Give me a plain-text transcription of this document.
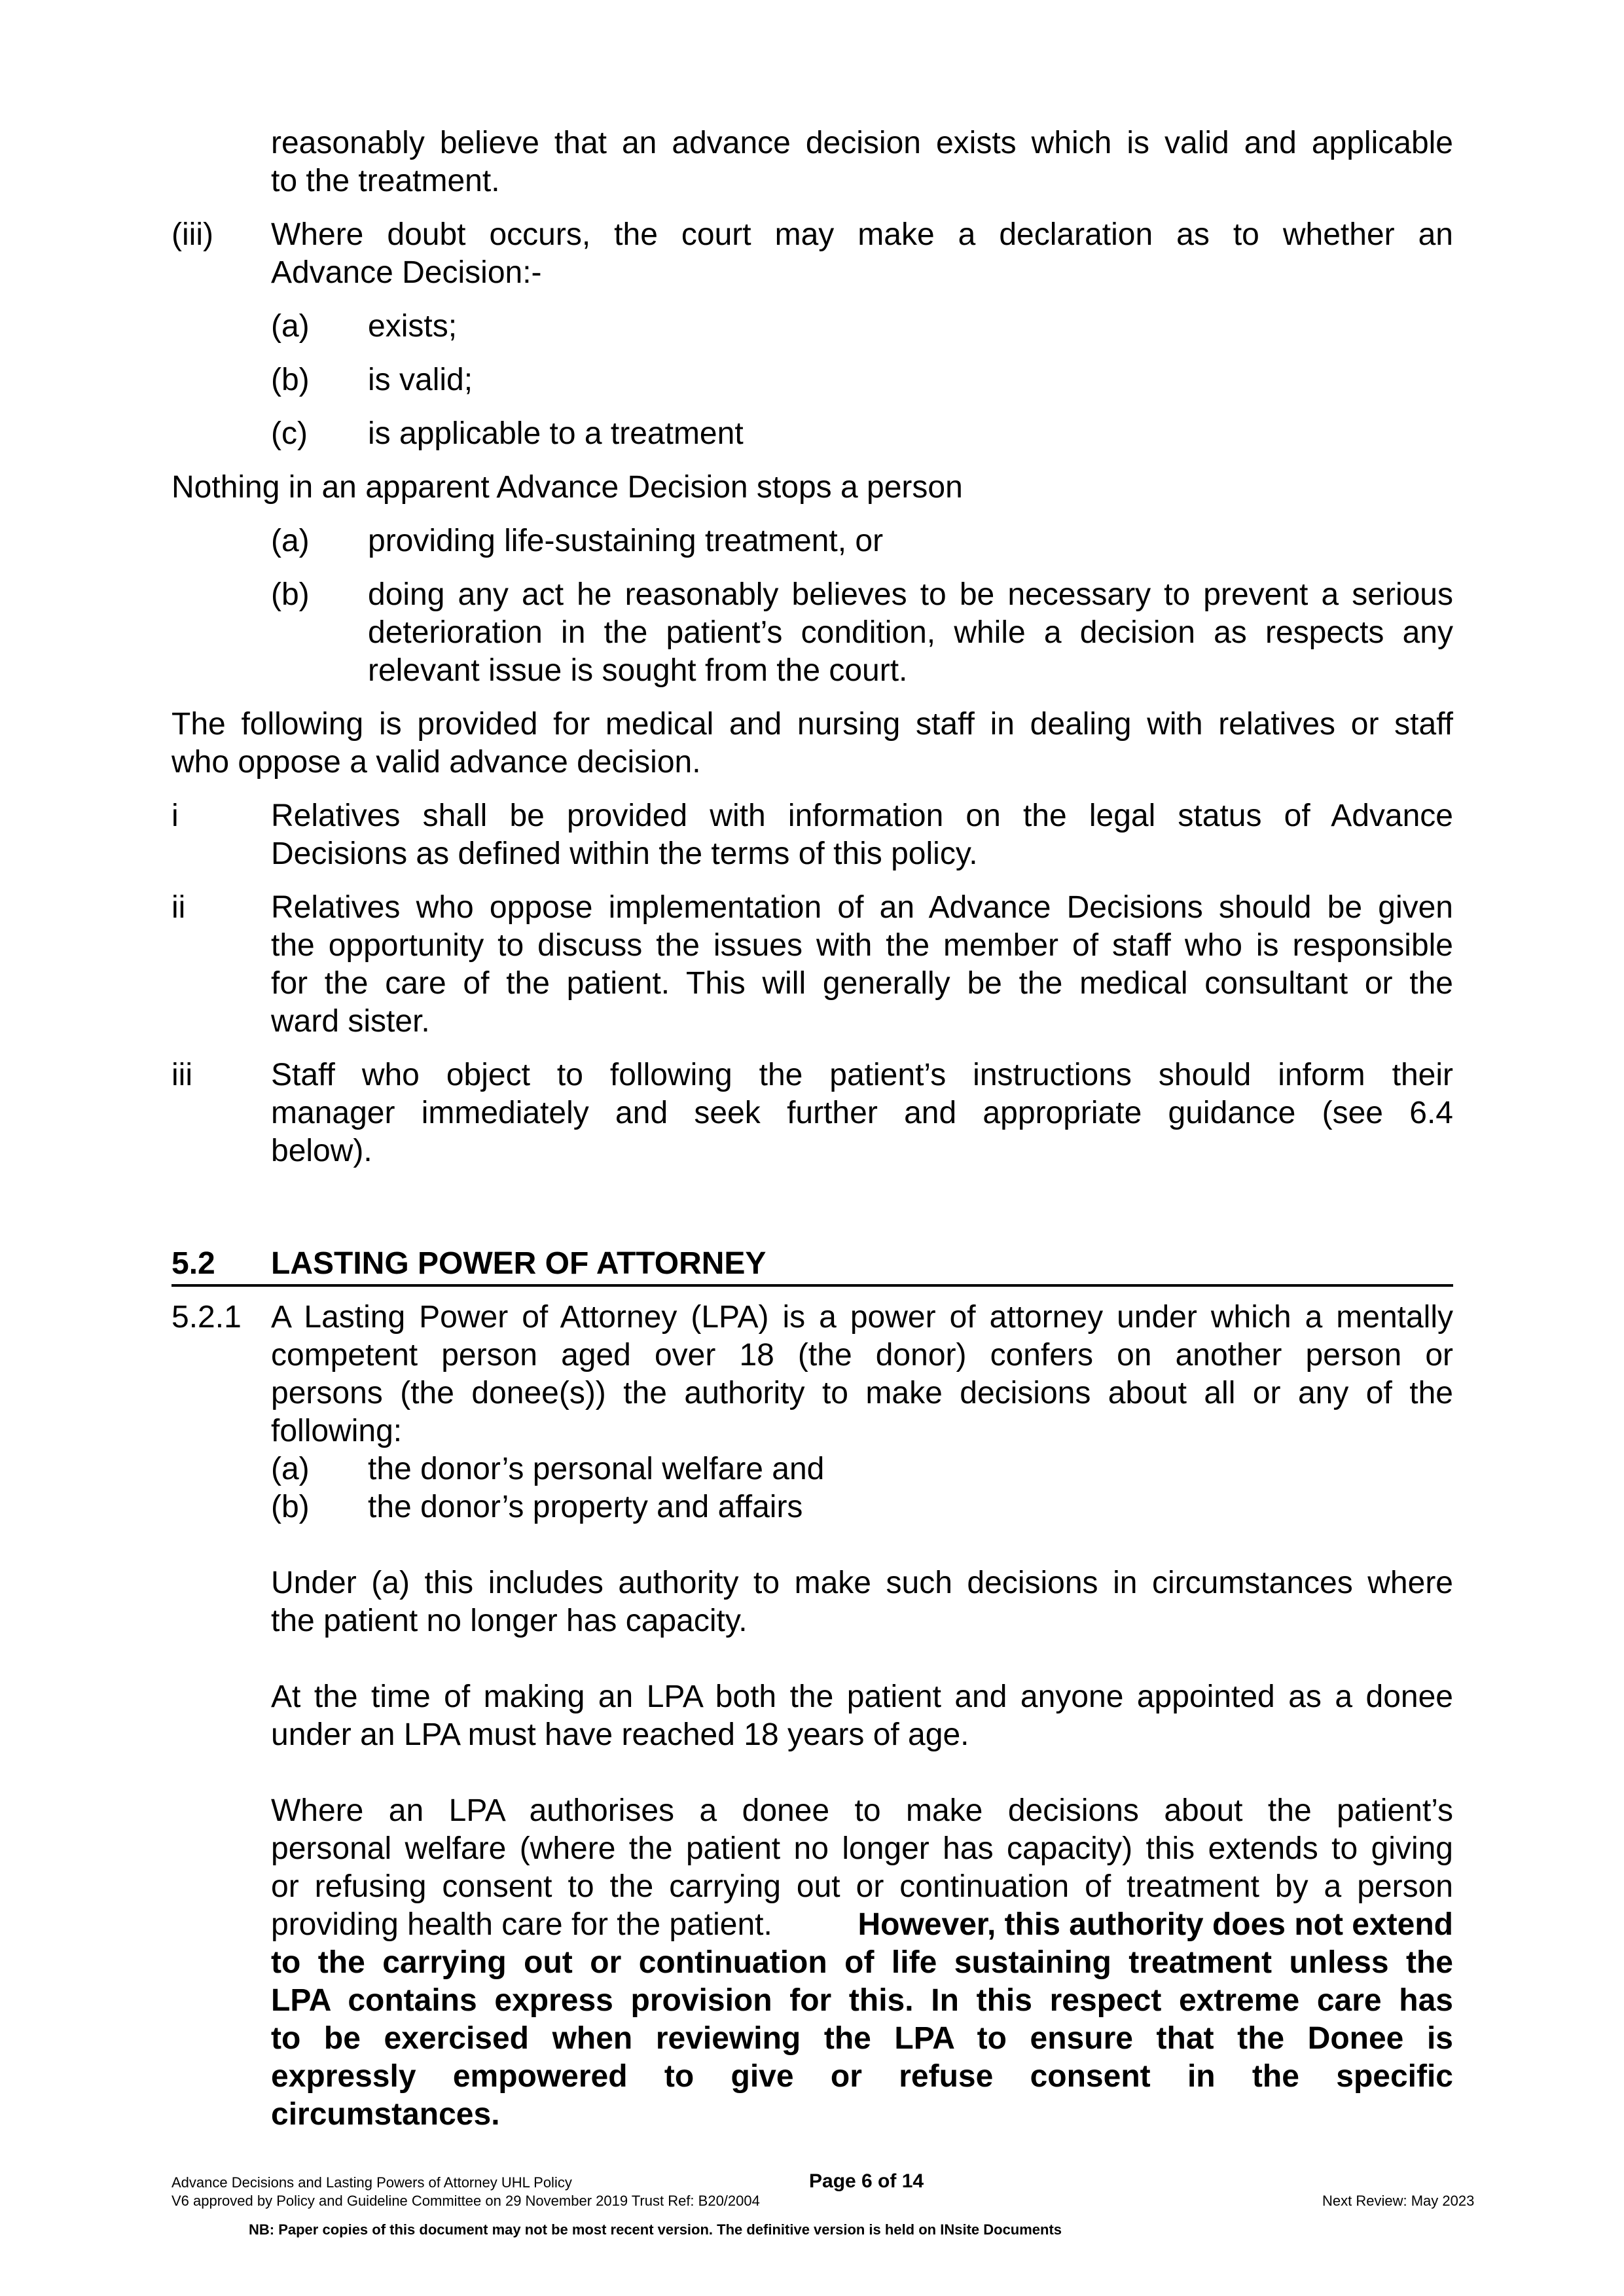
reasonably believe that an advance decision exists which is valid and applicable
to the treatment.
(iii) Where doubt occurs, the court may make a declaration as to whether an
Advance Decision:-
(a) exists;
(b) is valid;
(c) is applicable to a treatment
Nothing in an apparent Advance Decision stops a person
(a) providing life-sustaining treatment, or
(b) doing any act he reasonably believes to be necessary to prevent a serious
deterioration in the patient’s condition, while a decision as respects any
relevant issue is sought from the court.
The following is provided for medical and nursing staff in dealing with relatives or staff
who oppose a valid advance decision.
i	Relatives shall be provided with information on the legal status of Advance
Decisions as defined within the terms of this policy.
ii	Relatives who oppose implementation of an Advance Decisions should be given
the opportunity to discuss the issues with the member of staff who is responsible
for the care of the patient. This will generally be the medical consultant or the
ward sister.
iii	Staff who object to following the patient’s instructions should inform their
manager immediately and seek further and appropriate guidance (see 6.4
below).
5.2 LASTING POWER OF ATTORNEY
5.2.1 A Lasting Power of Attorney (LPA) is a power of attorney under which a mentally
competent person aged over 18 (the donor) confers on another person or
persons (the donee(s)) the authority to make decisions about all or any of the
following:
(a) the donor’s personal welfare and
(b) the donor’s property and affairs
Under (a) this includes authority to make such decisions in circumstances where
the patient no longer has capacity.
At the time of making an LPA both the patient and anyone appointed as a donee
under an LPA must have reached 18 years of age.
Where an LPA authorises a donee to make decisions about the patient’s
personal welfare (where the patient no longer has capacity) this extends to giving
or refusing consent to the carrying out or continuation of treatment by a person
providing health care for the patient.	However, this authority does not extend
to the carrying out or continuation of life sustaining treatment unless the
LPA contains express provision for this. In this respect extreme care has
to be exercised when reviewing the LPA to ensure that the Donee is
expressly empowered to give or refuse consent in the specific
circumstances.
Advance Decisions and Lasting Powers of Attorney UHL Policy	Page 6 of 14
V6 approved by Policy and Guideline Committee on 29 November 2019 Trust Ref: B20/2004	Next Review: May 2023
NB: Paper copies of this document may not be most recent version. The definitive version is held on INsite Documents
